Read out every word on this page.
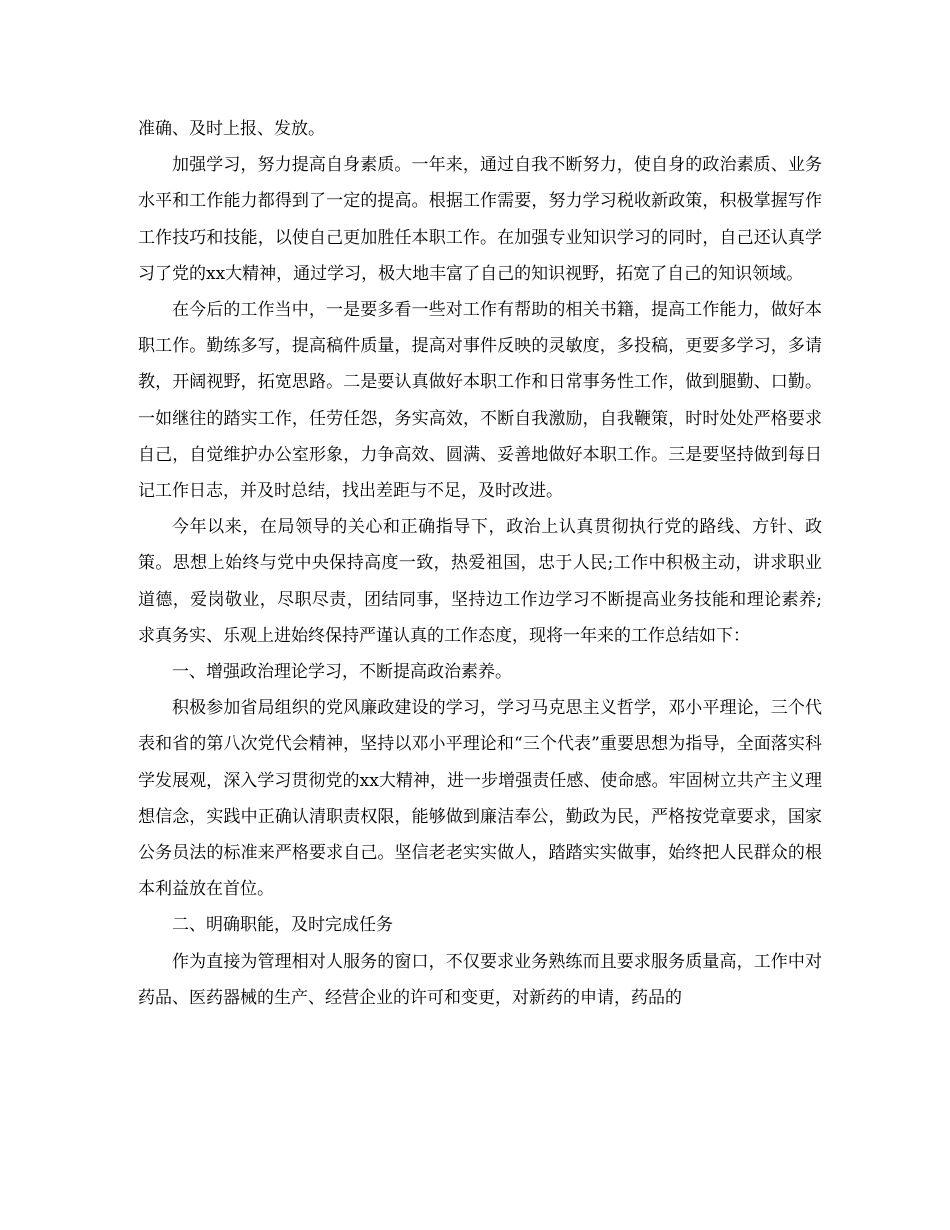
准确、及时上报、发放。

加强学习，努力提高自身素质。一年来，通过自我不断努力，使自身的政治素质、业务水平和工作能力都得到了一定的提高。根据工作需要，努力学习税收新政策，积极掌握写作工作技巧和技能，以使自己更加胜任本职工作。在加强专业知识学习的同时，自己还认真学习了党的xx大精神，通过学习，极大地丰富了自己的知识视野，拓宽了自己的知识领域。

在今后的工作当中，一是要多看一些对工作有帮助的相关书籍，提高工作能力，做好本职工作。勤练多写，提高稿件质量，提高对事件反映的灵敏度，多投稿，更要多学习，多请教，开阔视野，拓宽思路。二是要认真做好本职工作和日常事务性工作，做到腿勤、口勤。一如继往的踏实工作，任劳任怨，务实高效，不断自我激励，自我鞭策，时时处处严格要求自己，自觉维护办公室形象，力争高效、圆满、妥善地做好本职工作。三是要坚持做到每日记工作日志，并及时总结，找出差距与不足，及时改进。

今年以来，在局领导的关心和正确指导下，政治上认真贯彻执行党的路线、方针、政策。思想上始终与党中央保持高度一致，热爱祖国，忠于人民;工作中积极主动，讲求职业道德，爱岗敬业，尽职尽责，团结同事，坚持边工作边学习不断提高业务技能和理论素养;求真务实、乐观上进始终保持严谨认真的工作态度，现将一年来的工作总结如下：

一、增强政治理论学习，不断提高政治素养。

积极参加省局组织的党风廉政建设的学习，学习马克思主义哲学，邓小平理论，三个代表和省的第八次党代会精神，坚持以邓小平理论和“三个代表”重要思想为指导，全面落实科学发展观，深入学习贯彻党的xx大精神，进一步增强责任感、使命感。牢固树立共产主义理想信念，实践中正确认清职责权限，能够做到廉洁奉公，勤政为民，严格按党章要求，国家公务员法的标准来严格要求自己。坚信老老实实做人，踏踏实实做事，始终把人民群众的根本利益放在首位。

二、明确职能，及时完成任务

作为直接为管理相对人服务的窗口，不仅要求业务熟练而且要求服务质量高，工作中对药品、医药器械的生产、经营企业的许可和变更，对新药的申请，药品的
